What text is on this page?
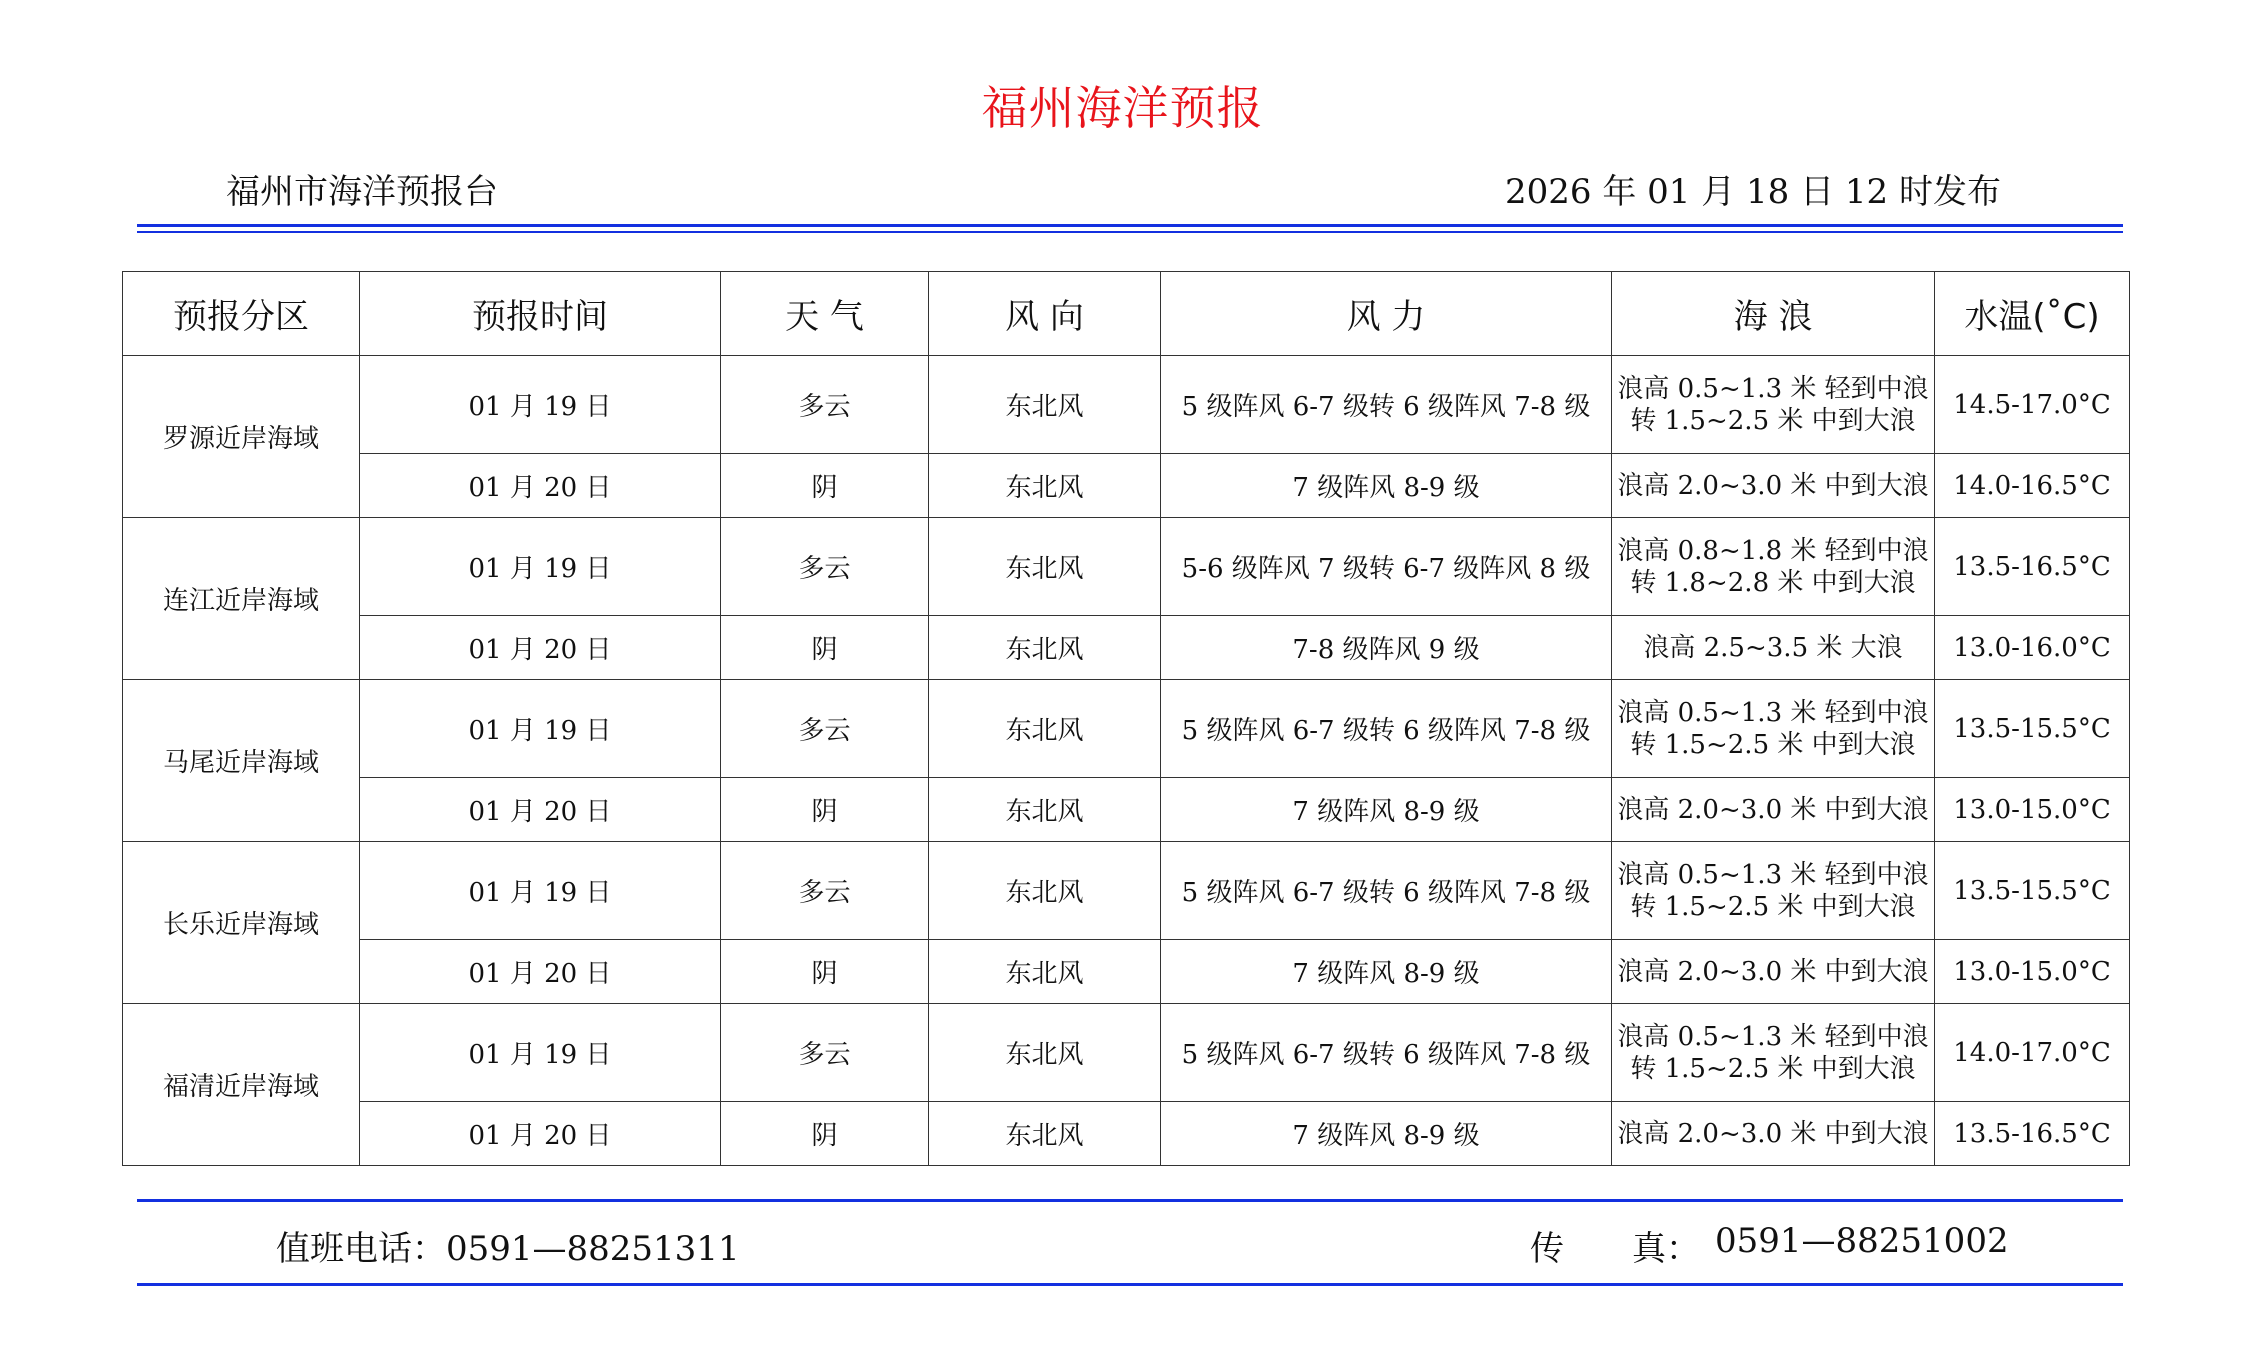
福州海洋预报
福州市海洋预报台	2026 年 01 月 18 日 12 时发布
预报分区	预报时间	天 气	风 向	风 力	海 浪	水温(˚C)
罗源近岸海域	01 月 19 日	多云	东北风	5 级阵风 6-7 级转 6 级阵风 7-8 级	浪高 0.5~1.3 米 轻到中浪 转 1.5~2.5 米 中到大浪	14.5-17.0°C
	01 月 20 日	阴	东北风	7 级阵风 8-9 级	浪高 2.0~3.0 米 中到大浪	14.0-16.5°C
连江近岸海域	01 月 19 日	多云	东北风	5-6 级阵风 7 级转 6-7 级阵风 8 级	浪高 0.8~1.8 米 轻到中浪 转 1.8~2.8 米 中到大浪	13.5-16.5°C
	01 月 20 日	阴	东北风	7-8 级阵风 9 级	浪高 2.5~3.5 米 大浪	13.0-16.0°C
马尾近岸海域	01 月 19 日	多云	东北风	5 级阵风 6-7 级转 6 级阵风 7-8 级	浪高 0.5~1.3 米 轻到中浪 转 1.5~2.5 米 中到大浪	13.5-15.5°C
	01 月 20 日	阴	东北风	7 级阵风 8-9 级	浪高 2.0~3.0 米 中到大浪	13.0-15.0°C
长乐近岸海域	01 月 19 日	多云	东北风	5 级阵风 6-7 级转 6 级阵风 7-8 级	浪高 0.5~1.3 米 轻到中浪 转 1.5~2.5 米 中到大浪	13.5-15.5°C
	01 月 20 日	阴	东北风	7 级阵风 8-9 级	浪高 2.0~3.0 米 中到大浪	13.0-15.0°C
福清近岸海域	01 月 19 日	多云	东北风	5 级阵风 6-7 级转 6 级阵风 7-8 级	浪高 0.5~1.3 米 轻到中浪 转 1.5~2.5 米 中到大浪	14.0-17.0°C
	01 月 20 日	阴	东北风	7 级阵风 8-9 级	浪高 2.0~3.0 米 中到大浪	13.5-16.5°C
值班电话：0591—88251311	传　　真： 0591—88251002
